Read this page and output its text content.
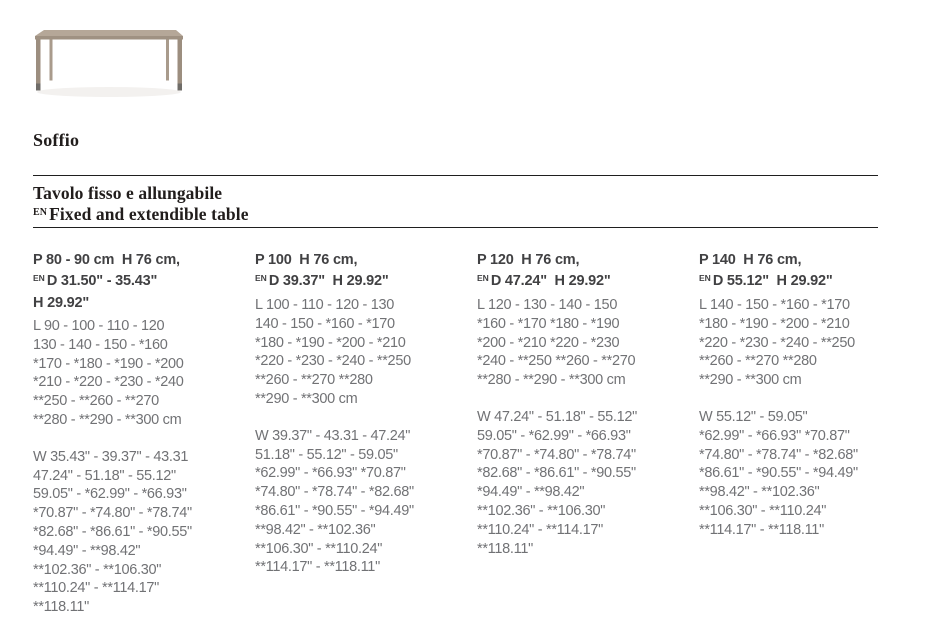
Soffio
Tavolo fisso e allungabile
$^{EN}$ Fixed and extendible table
P 80 - 90 cm  H 76 cm,
$^{EN}$ D 31.50" - 35.43"
H 29.92"
L 90 - 100 - 110 - 120
130 - 140 - 150 - *160
*170 - *180 - *190 - *200
*210 - *220 - *230 - *240
**250 - **260 - **270
**280 - **290 - **300 cm
W 35.43" - 39.37" - 43.31
47.24" - 51.18" - 55.12"
59.05" - *62.99" - *66.93"
*70.87" - *74.80" - *78.74"
*82.68" - *86.61" - *90.55"
*94.49" - **98.42"
**102.36" - **106.30"
**110.24" - **114.17"
**118.11"
P 100  H 76 cm,
$^{EN}$ D 39.37"  H 29.92"
L 100 - 110 - 120 - 130
140 - 150 - *160 - *170
*180 - *190 - *200 - *210
*220 - *230 - *240 - **250
**260 - **270 **280
**290 - **300 cm
W 39.37" - 43.31 - 47.24"
51.18" - 55.12" - 59.05"
*62.99" - *66.93" *70.87"
*74.80" - *78.74" - *82.68"
*86.61" - *90.55" - *94.49"
**98.42" - **102.36"
**106.30" - **110.24"
**114.17" - **118.11"
P 120  H 76 cm,
$^{EN}$ D 47.24"  H 29.92"
L 120 - 130 - 140 - 150
*160 - *170 *180 - *190
*200 - *210 *220 - *230
*240 - **250 **260 - **270
**280 - **290 - **300 cm
W 47.24" - 51.18" - 55.12"
59.05" - *62.99" - *66.93"
*70.87" - *74.80" - *78.74"
*82.68" - *86.61" - *90.55"
*94.49" - **98.42"
**102.36" - **106.30"
**110.24" - **114.17"
**118.11"
P 140  H 76 cm,
$^{EN}$ D 55.12"  H 29.92"
L 140 - 150 - *160 - *170
*180 - *190 - *200 - *210
*220 - *230 - *240 - **250
**260 - **270 **280
**290 - **300 cm
W 55.12" - 59.05"
*62.99" - *66.93" *70.87"
*74.80" - *78.74" - *82.68"
*86.61" - *90.55" - *94.49"
**98.42" - **102.36"
**106.30" - **110.24"
**114.17" - **118.11"
